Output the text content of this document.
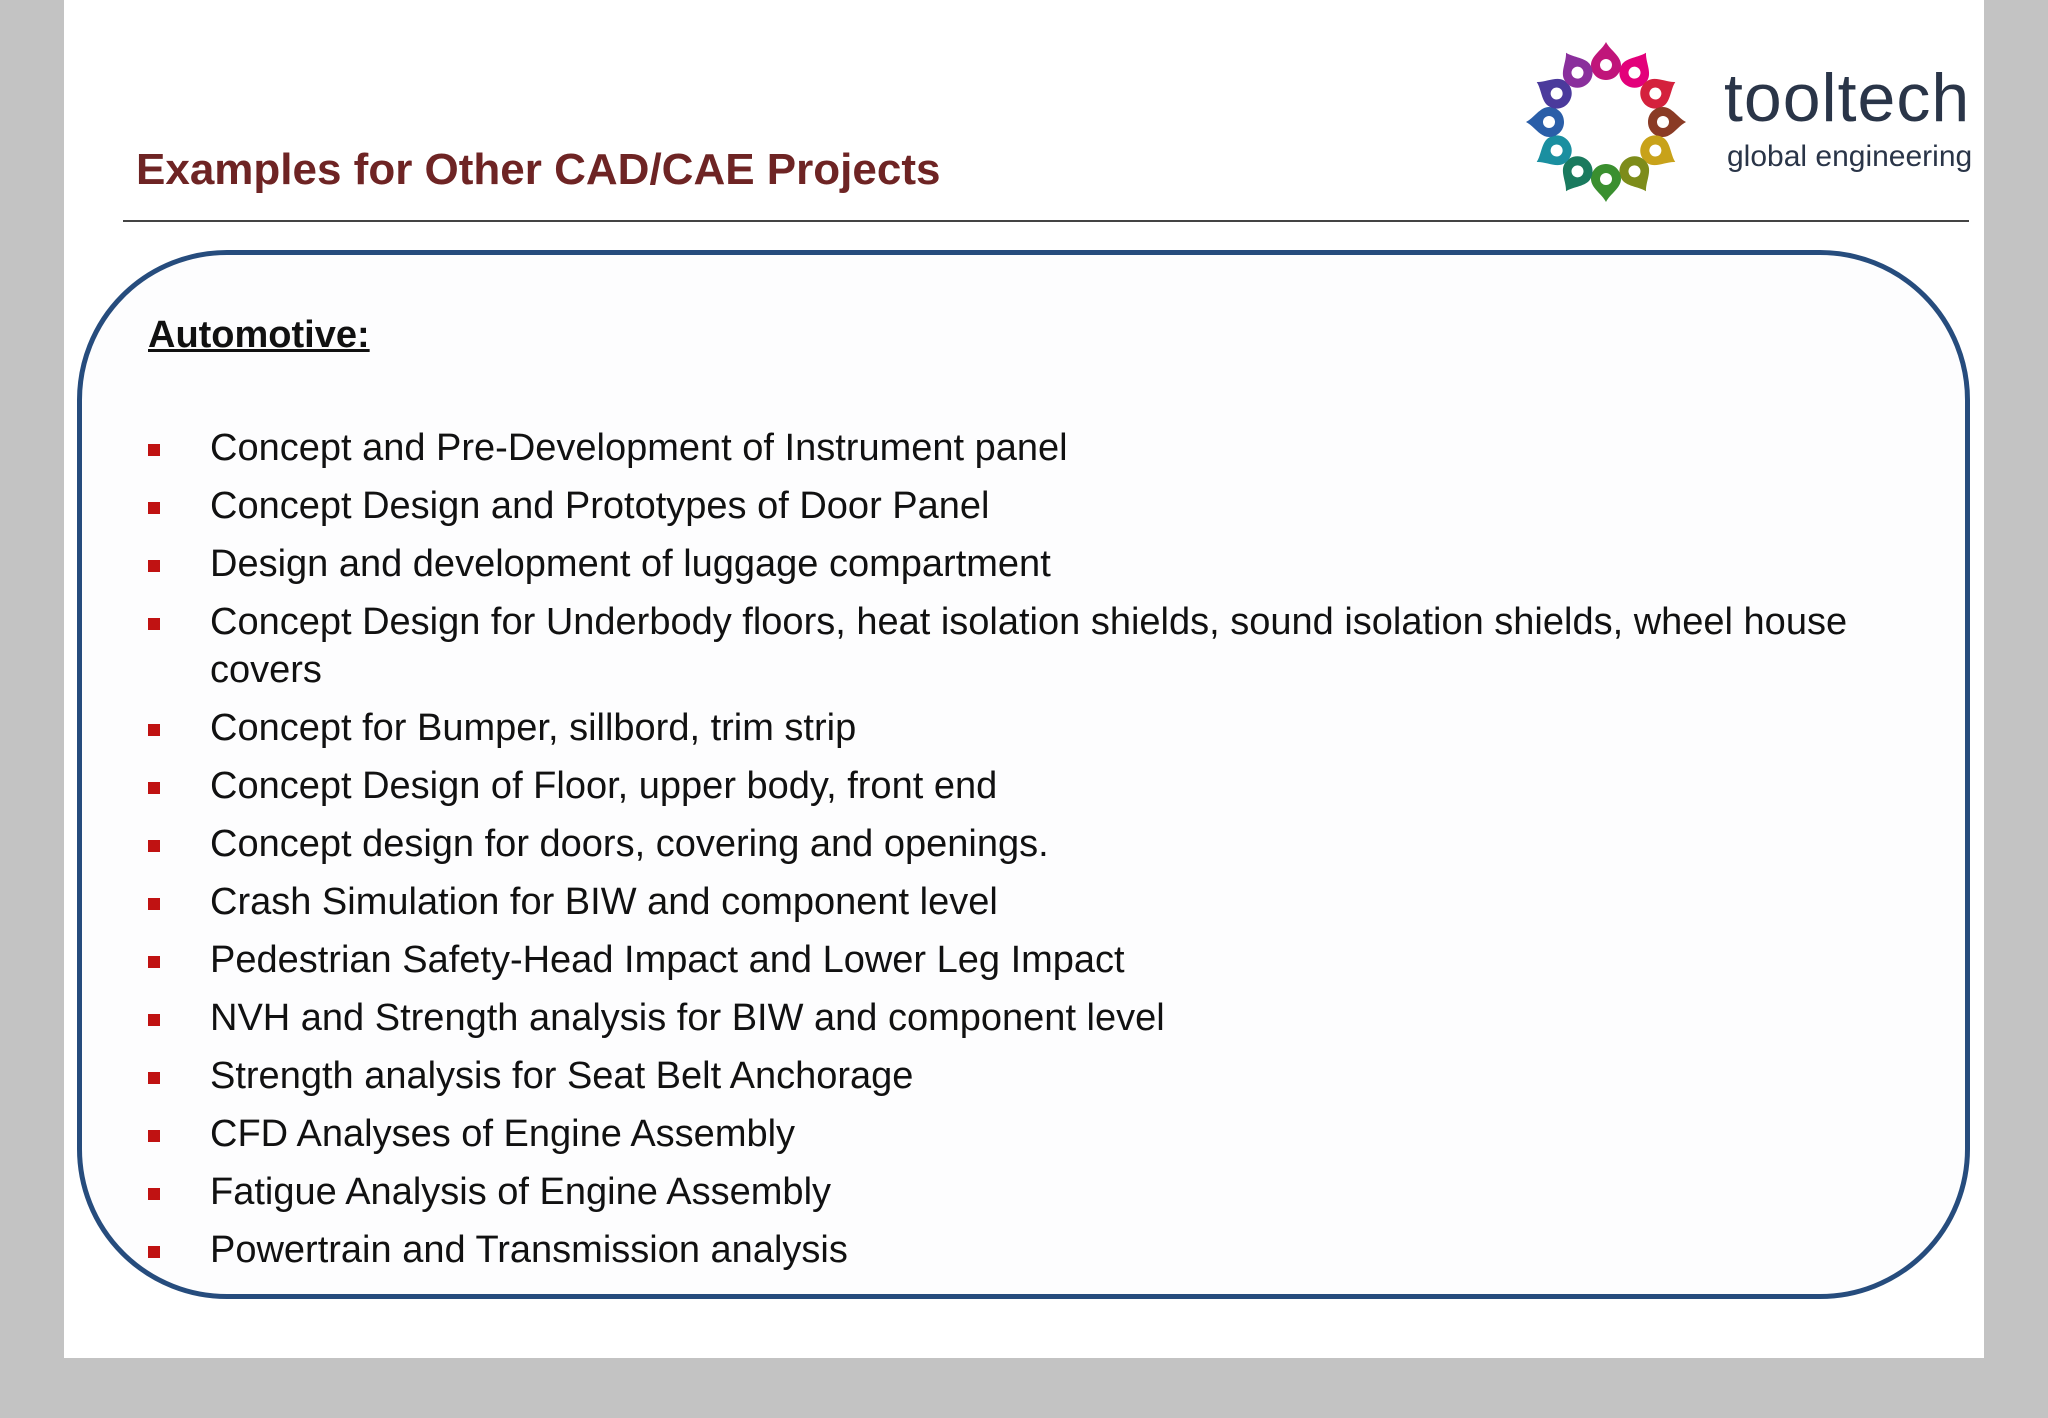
Examples for Other CAD/CAE Projects
tooltech
global engineering
Automotive:
Concept and Pre-Development of Instrument panel
Concept Design and Prototypes of Door Panel
Design and development of luggage compartment
Concept Design for Underbody floors, heat isolation shields, sound isolation shields, wheel house covers
Concept for Bumper, sillbord, trim strip
Concept Design of Floor, upper body, front end
Concept design for doors, covering and openings.
Crash Simulation for BIW and component level
Pedestrian Safety-Head Impact and Lower Leg Impact
NVH and Strength analysis for BIW and component level
Strength analysis for Seat Belt Anchorage
CFD Analyses of Engine Assembly
Fatigue Analysis of Engine Assembly
Powertrain and Transmission analysis
